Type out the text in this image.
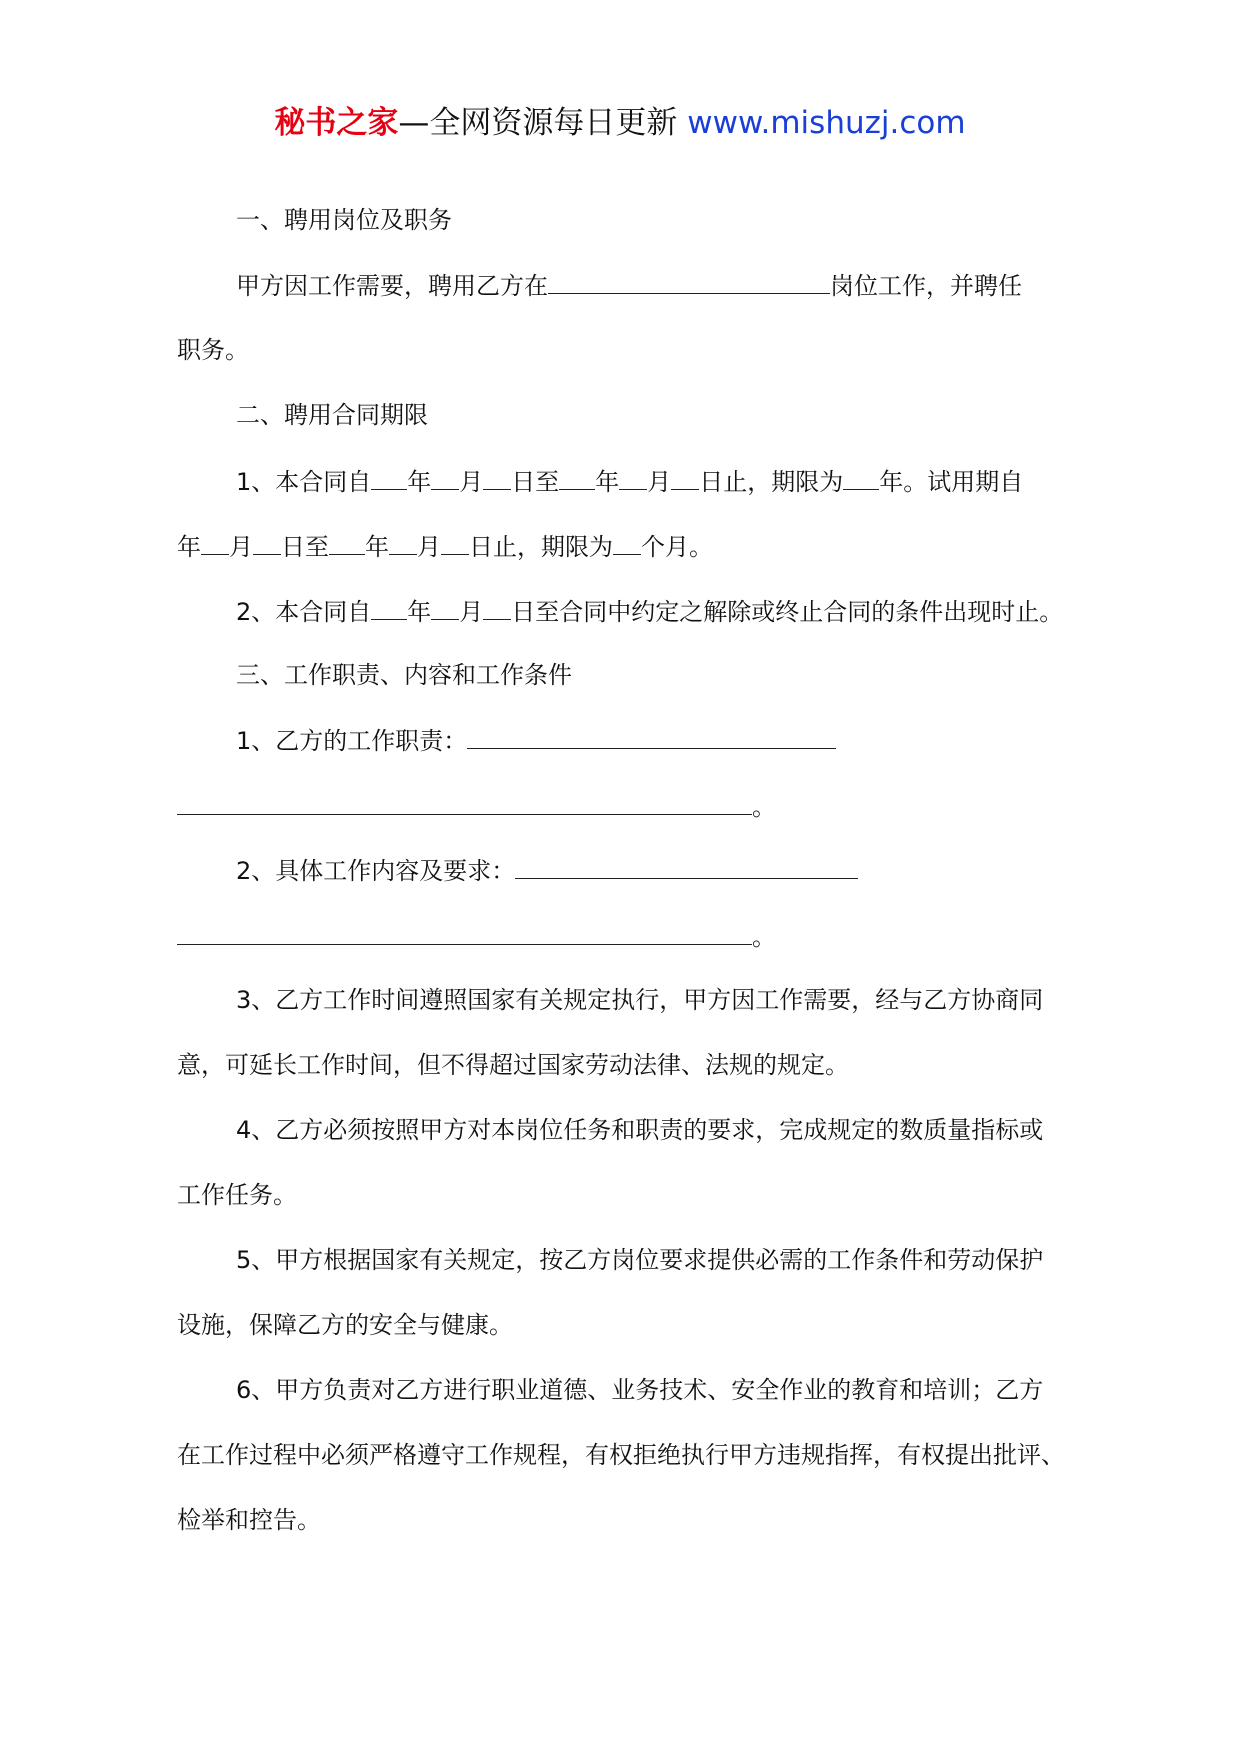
秘书之家—全网资源每日更新 www.mishuzj.com
一、聘用岗位及职务
甲方因工作需要，聘用乙方在	岗位工作，并聘任
职务。
二、聘用合同期限
1、本合同自 年 月 日至 年 月 日止，期限为 年。试用期自
年 月 日至 年 月 日止，期限为 个月。
2、本合同自 年 月 日至合同中约定之解除或终止合同的条件出现时止。
三、工作职责、内容和工作条件
1、乙方的工作职责：
。
2、具体工作内容及要求：
。
3、乙方工作时间遵照国家有关规定执行，甲方因工作需要，经与乙方协商同
意，可延长工作时间，但不得超过国家劳动法律、法规的规定。
4、乙方必须按照甲方对本岗位任务和职责的要求，完成规定的数质量指标或
工作任务。
5、甲方根据国家有关规定，按乙方岗位要求提供必需的工作条件和劳动保护
设施，保障乙方的安全与健康。
6、甲方负责对乙方进行职业道德、业务技术、安全作业的教育和培训；乙方
在工作过程中必须严格遵守工作规程，有权拒绝执行甲方违规指挥，有权提出批评、
检举和控告。
